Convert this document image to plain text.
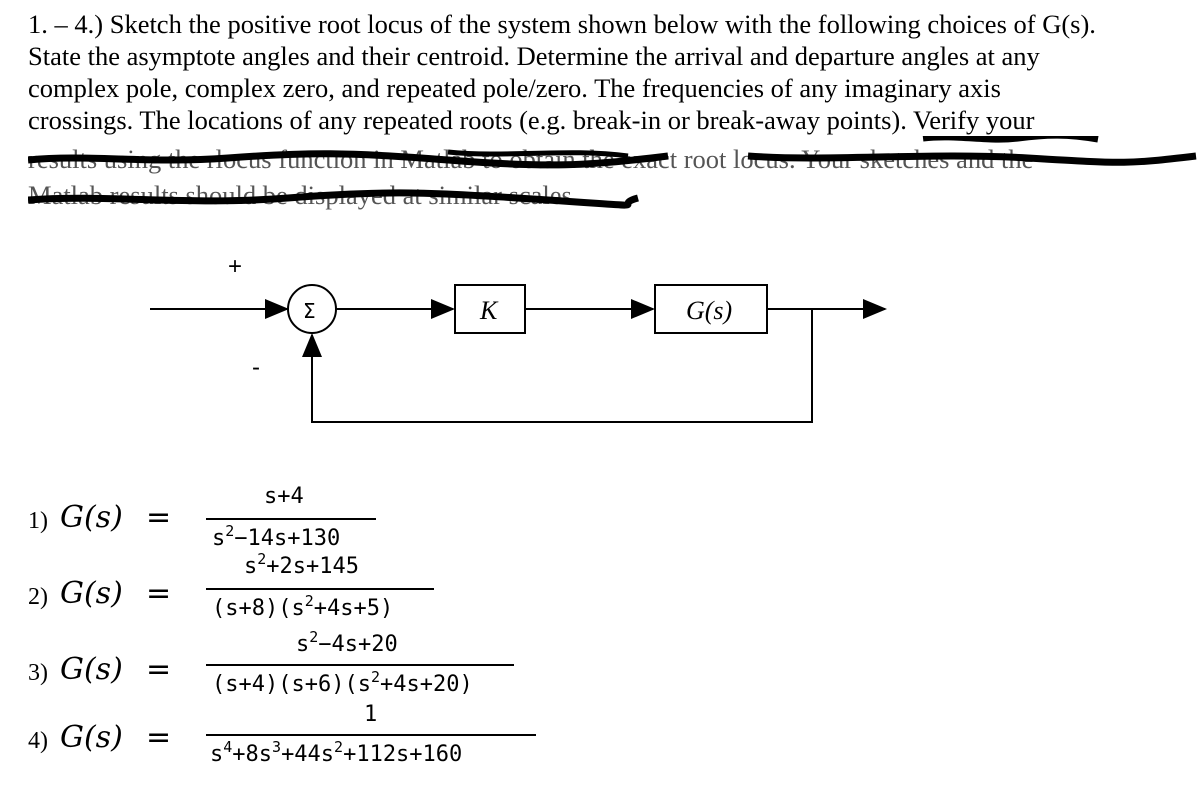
1. – 4.) Sketch the positive root locus of the system shown below with the following choices of G(s).
State the asymptote angles and their centroid. Determine the arrival and departure angles at any
complex pole, complex zero, and repeated pole/zero. The frequencies of any imaginary axis
crossings. The locations of any repeated roots (e.g. break-in or break-away points). Verify your
results using the rlocus function in Matlab to obtain the exact root locus. Your sketches and the
Matlab results should be displayed at similar scales.
+
-
Σ	K	G(s)
1) G(s) =
s+4
$s^2-14s+130$
2) G(s) =
$s^2+2s+145$
$(s+8)(s^2+4s+5)$
3) G(s) =
$s^2-4s+20$
$(s+4)(s+6)(s^2+4s+20)$
4) G(s) =
1
$s^4+8s^3+44s^2+112s+160$
